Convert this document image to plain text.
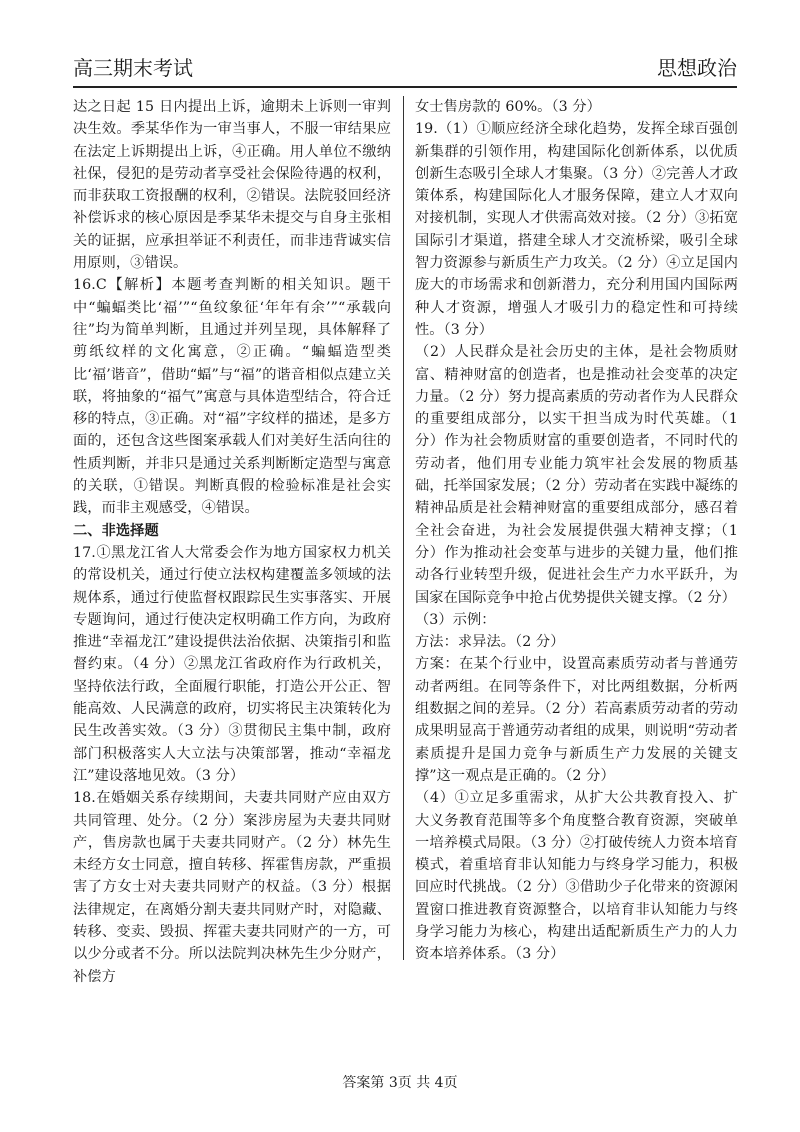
高三期末考试	思想政治

达之日起 15 日内提出上诉，逾期未上诉则一审判决生效。季某华作为一审当事人，不服一审结果应在法定上诉期提出上诉，④正确。用人单位不缴纳社保，侵犯的是劳动者享受社会保险待遇的权利，而非获取工资报酬的权利，②错误。法院驳回经济补偿诉求的核心原因是季某华未提交与自身主张相关的证据，应承担举证不利责任，而非违背诚实信用原则，③错误。

16.C【解析】本题考查判断的相关知识。题干中“蝙蝠类比‘福’”“鱼纹象征‘年年有余’”“承载向往”均为简单判断，且通过并列呈现，具体解释了剪纸纹样的文化寓意，②正确。“蝙蝠造型类比‘福’谐音”，借助“蝠”与“福”的谐音相似点建立关联，将抽象的“福气”寓意与具体造型结合，符合迁移的特点，③正确。对“福”字纹样的描述，是多方面的，还包含这些图案承载人们对美好生活向往的性质判断，并非只是通过关系判断断定造型与寓意的关联，①错误。判断真假的检验标准是社会实践，而非主观感受，④错误。

二、非选择题

17.①黑龙江省人大常委会作为地方国家权力机关的常设机关，通过行使立法权构建覆盖多领域的法规体系，通过行使监督权跟踪民生实事落实、开展专题询问，通过行使决定权明确工作方向，为政府推进“幸福龙江”建设提供法治依据、决策指引和监督约束。（4 分）②黑龙江省政府作为行政机关，坚持依法行政，全面履行职能，打造公开公正、智能高效、人民满意的政府，切实将民主决策转化为民生改善实效。（3 分）③贯彻民主集中制，政府部门积极落实人大立法与决策部署，推动“幸福龙江”建设落地见效。（3 分）

18.在婚姻关系存续期间，夫妻共同财产应由双方共同管理、处分。（2 分）案涉房屋为夫妻共同财产，售房款也属于夫妻共同财产。（2 分）林先生未经方女士同意，擅自转移、挥霍售房款，严重损害了方女士对夫妻共同财产的权益。（3 分）根据法律规定，在离婚分割夫妻共同财产时，对隐藏、转移、变卖、毁损、挥霍夫妻共同财产的一方，可以少分或者不分。所以法院判决林先生少分财产，补偿方

女士售房款的 60%。（3 分）

19.（1）①顺应经济全球化趋势，发挥全球百强创新集群的引领作用，构建国际化创新体系，以优质创新生态吸引全球人才集聚。（3 分）②完善人才政策体系，构建国际化人才服务保障，建立人才双向对接机制，实现人才供需高效对接。（2 分）③拓宽国际引才渠道，搭建全球人才交流桥梁，吸引全球智力资源参与新质生产力攻关。（2 分）④立足国内庞大的市场需求和创新潜力，充分利用国内国际两种人才资源，增强人才吸引力的稳定性和可持续性。（3 分）

（2）人民群众是社会历史的主体，是社会物质财富、精神财富的创造者，也是推动社会变革的决定力量。（2 分）努力提高素质的劳动者作为人民群众的重要组成部分，以实干担当成为时代英雄。（1 分）作为社会物质财富的重要创造者，不同时代的劳动者，他们用专业能力筑牢社会发展的物质基础，托举国家发展；（2 分）劳动者在实践中凝练的精神品质是社会精神财富的重要组成部分，感召着全社会奋进，为社会发展提供强大精神支撑；（1 分）作为推动社会变革与进步的关键力量，他们推动各行业转型升级，促进社会生产力水平跃升，为国家在国际竞争中抢占优势提供关键支撑。（2 分）

（3）示例：

方法：求异法。（2 分）

方案：在某个行业中，设置高素质劳动者与普通劳动者两组。在同等条件下，对比两组数据，分析两组数据之间的差异。（2 分）若高素质劳动者的劳动成果明显高于普通劳动者组的成果，则说明“劳动者素质提升是国力竞争与新质生产力发展的关键支撑”这一观点是正确的。（2 分）

（4）①立足多重需求，从扩大公共教育投入、扩大义务教育范围等多个角度整合教育资源，突破单一培养模式局限。（3 分）②打破传统人力资本培育模式，着重培育非认知能力与终身学习能力，积极回应时代挑战。（2 分）③借助少子化带来的资源闲置窗口推进教育资源整合，以培育非认知能力与终身学习能力为核心，构建出适配新质生产力的人力资本培养体系。（3 分）

答案第 3页 共 4页
